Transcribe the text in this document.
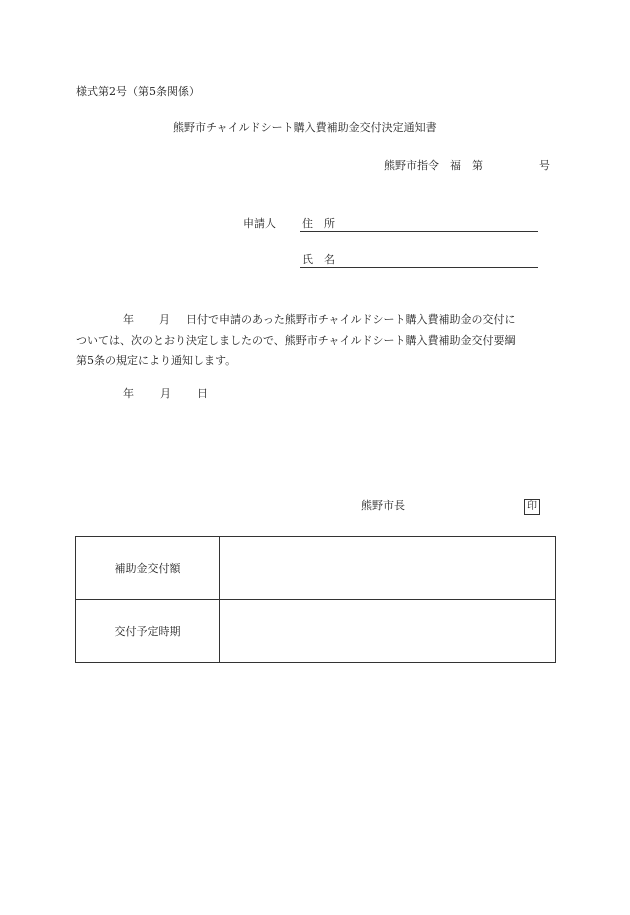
様式第2号（第5条関係）
熊野市チャイルドシート購入費補助金交付決定通知書
熊野市指令　福　第	号
申請人 住　所
氏　名
年 月 日付で申請のあった熊野市チャイルドシート購入費補助金の交付に
ついては、次のとおり決定しましたので、熊野市チャイルドシート購入費補助金交付要綱
第5条の規定により通知します。
年 月 日
熊野市長	印
補助金交付額	
交付予定時期	
